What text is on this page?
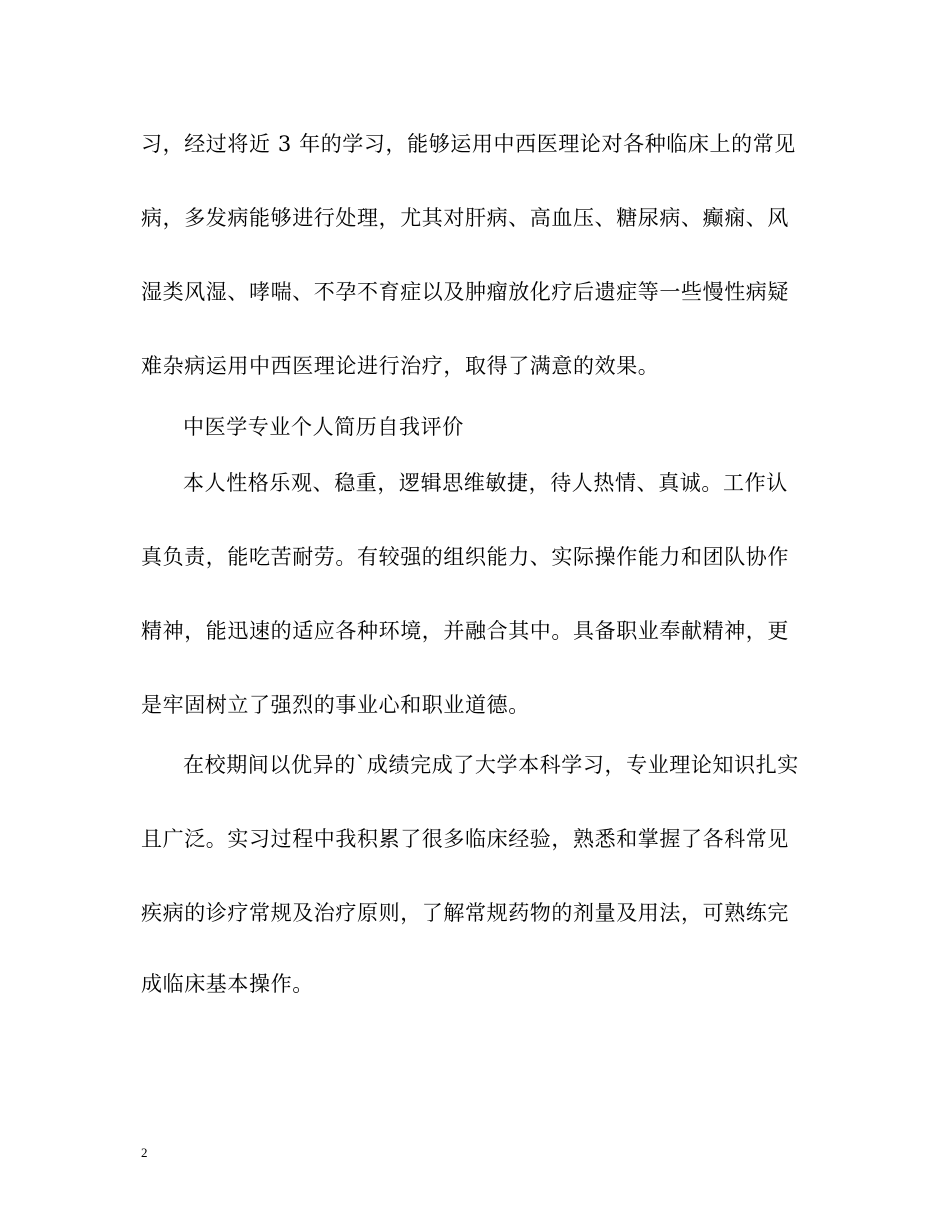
习，经过将近 3 年的学习，能够运用中西医理论对各种临床上的常见
病，多发病能够进行处理，尤其对肝病、高血压、糖尿病、癫痫、风
湿类风湿、哮喘、不孕不育症以及肿瘤放化疗后遗症等一些慢性病疑
难杂病运用中西医理论进行治疗，取得了满意的效果。
中医学专业个人简历自我评价
本人性格乐观、稳重，逻辑思维敏捷，待人热情、真诚。工作认
真负责，能吃苦耐劳。有较强的组织能力、实际操作能力和团队协作
精神，能迅速的适应各种环境，并融合其中。具备职业奉献精神，更
是牢固树立了强烈的事业心和职业道德。
在校期间以优异的`成绩完成了大学本科学习，专业理论知识扎实
且广泛。实习过程中我积累了很多临床经验，熟悉和掌握了各科常见
疾病的诊疗常规及治疗原则，了解常规药物的剂量及用法，可熟练完
成临床基本操作。
2
